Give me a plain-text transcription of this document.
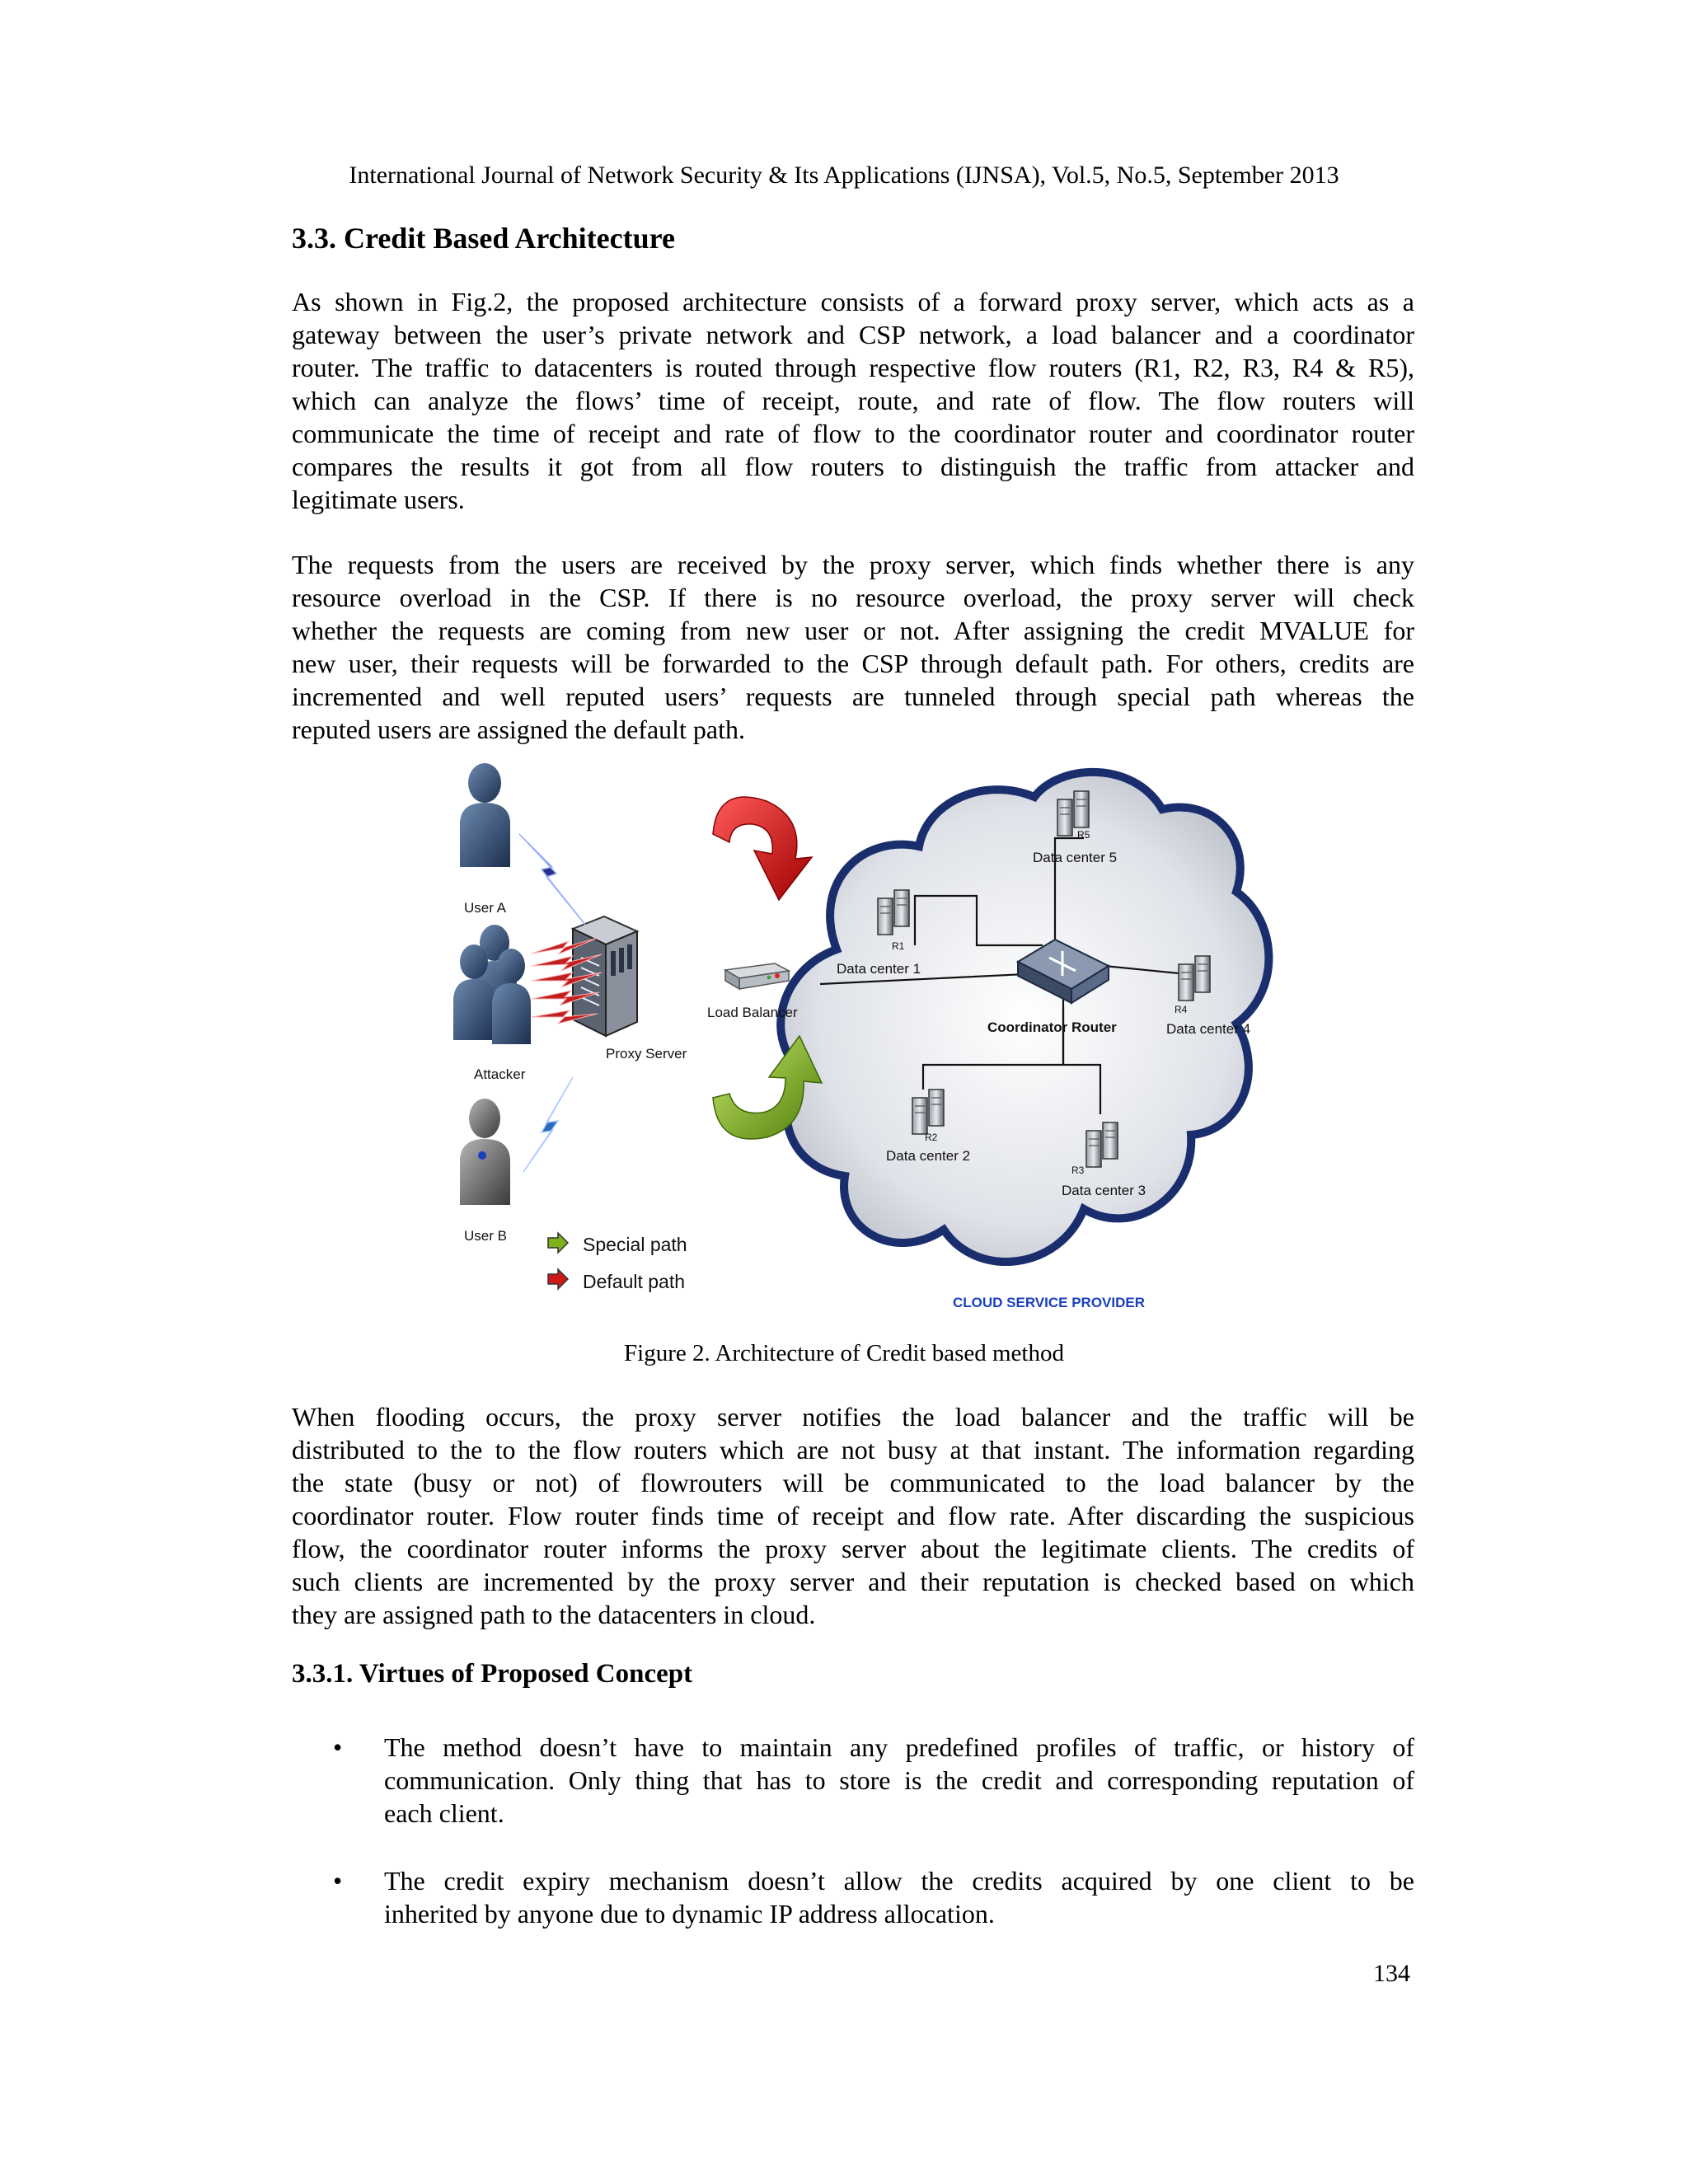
International Journal of Network Security & Its Applications (IJNSA), Vol.5, No.5, September 2013
3.3. Credit Based Architecture
As shown in Fig.2, the proposed architecture consists of a forward proxy server, which acts as a
gateway between the user’s private network and CSP network, a load balancer and a coordinator
router. The traffic to datacenters is routed through respective flow routers (R1, R2, R3, R4 & R5),
which can analyze the flows’ time of receipt, route, and rate of flow. The flow routers will
communicate the time of receipt and rate of flow to the coordinator router and coordinator router
compares the results it got from all flow routers to distinguish the traffic from attacker and
legitimate users.
The requests from the users are received by the proxy server, which finds whether there is any
resource overload in the CSP. If there is no resource overload, the proxy server will check
whether the requests are coming from new user or not. After assigning the credit MVALUE for
new user, their requests will be forwarded to the CSP through default path. For others, credits are
incremented and well reputed users’ requests are tunneled through special path whereas the
reputed users are assigned the default path.
User A
Attacker
User B
Proxy Server
Load Balancer
Coordinator Router
Data center 1
Data center 2
Data center 3
Data center 4
Data center 5
R1
R2
R3
R4
R5
Special path
Default path
CLOUD SERVICE PROVIDER
Figure 2. Architecture of Credit based method
When flooding occurs, the proxy server notifies the load balancer and the traffic will be
distributed to the to the flow routers which are not busy at that instant. The information regarding
the state (busy or not) of flowrouters will be communicated to the load balancer by the
coordinator router. Flow router finds time of receipt and flow rate. After discarding the suspicious
flow, the coordinator router informs the proxy server about the legitimate clients. The credits of
such clients are incremented by the proxy server and their reputation is checked based on which
they are assigned path to the datacenters in cloud.
3.3.1. Virtues of Proposed Concept
• The method doesn’t have to maintain any predefined profiles of traffic, or history of
communication. Only thing that has to store is the credit and corresponding reputation of
each client.
• The credit expiry mechanism doesn’t allow the credits acquired by one client to be
inherited by anyone due to dynamic IP address allocation.
134
